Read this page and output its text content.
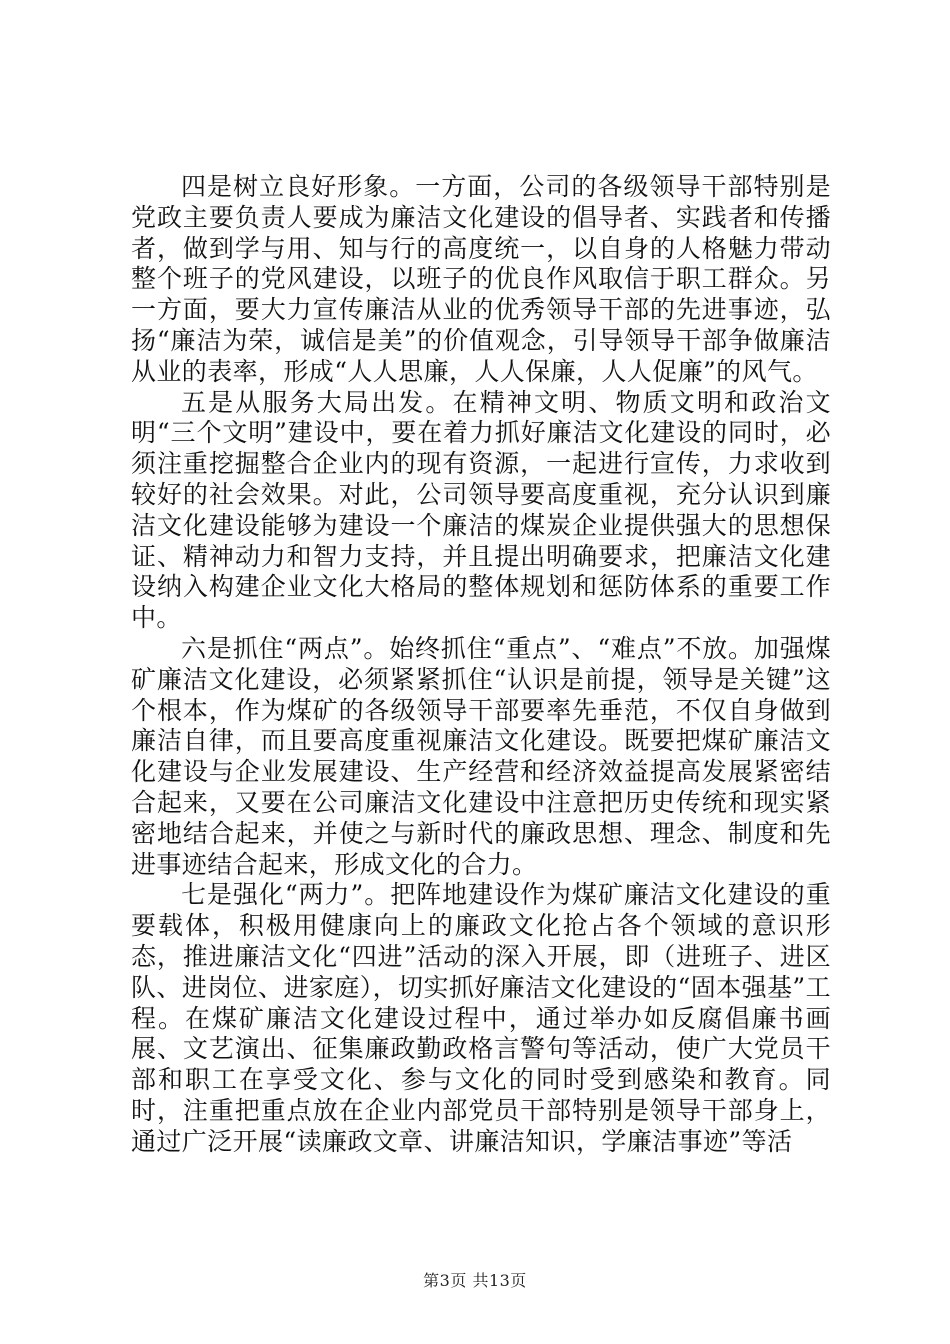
四是树立良好形象。一方面，公司的各级领导干部特别是党政主要负责人要成为廉洁文化建设的倡导者、实践者和传播者，做到学与用、知与行的高度统一，以自身的人格魅力带动整个班子的党风建设，以班子的优良作风取信于职工群众。另一方面，要大力宣传廉洁从业的优秀领导干部的先进事迹，弘扬“廉洁为荣，诚信是美”的价值观念，引导领导干部争做廉洁从业的表率，形成“人人思廉，人人保廉，人人促廉”的风气。

五是从服务大局出发。在精神文明、物质文明和政治文明“三个文明”建设中，要在着力抓好廉洁文化建设的同时，必须注重挖掘整合企业内的现有资源，一起进行宣传，力求收到较好的社会效果。对此，公司领导要高度重视，充分认识到廉洁文化建设能够为建设一个廉洁的煤炭企业提供强大的思想保证、精神动力和智力支持，并且提出明确要求，把廉洁文化建设纳入构建企业文化大格局的整体规划和惩防体系的重要工作中。

六是抓住“两点”。始终抓住“重点”、“难点”不放。加强煤矿廉洁文化建设，必须紧紧抓住“认识是前提，领导是关键”这个根本，作为煤矿的各级领导干部要率先垂范，不仅自身做到廉洁自律，而且要高度重视廉洁文化建设。既要把煤矿廉洁文化建设与企业发展建设、生产经营和经济效益提高发展紧密结合起来，又要在公司廉洁文化建设中注意把历史传统和现实紧密地结合起来，并使之与新时代的廉政思想、理念、制度和先进事迹结合起来，形成文化的合力。

七是强化“两力”。把阵地建设作为煤矿廉洁文化建设的重要载体，积极用健康向上的廉政文化抢占各个领域的意识形态，推进廉洁文化“四进”活动的深入开展，即（进班子、进区队、进岗位、进家庭），切实抓好廉洁文化建设的“固本强基”工程。在煤矿廉洁文化建设过程中，通过举办如反腐倡廉书画展、文艺演出、征集廉政勤政格言警句等活动，使广大党员干部和职工在享受文化、参与文化的同时受到感染和教育。同时，注重把重点放在企业内部党员干部特别是领导干部身上，通过广泛开展“读廉政文章、讲廉洁知识，学廉洁事迹”等活

第3页 共13页
